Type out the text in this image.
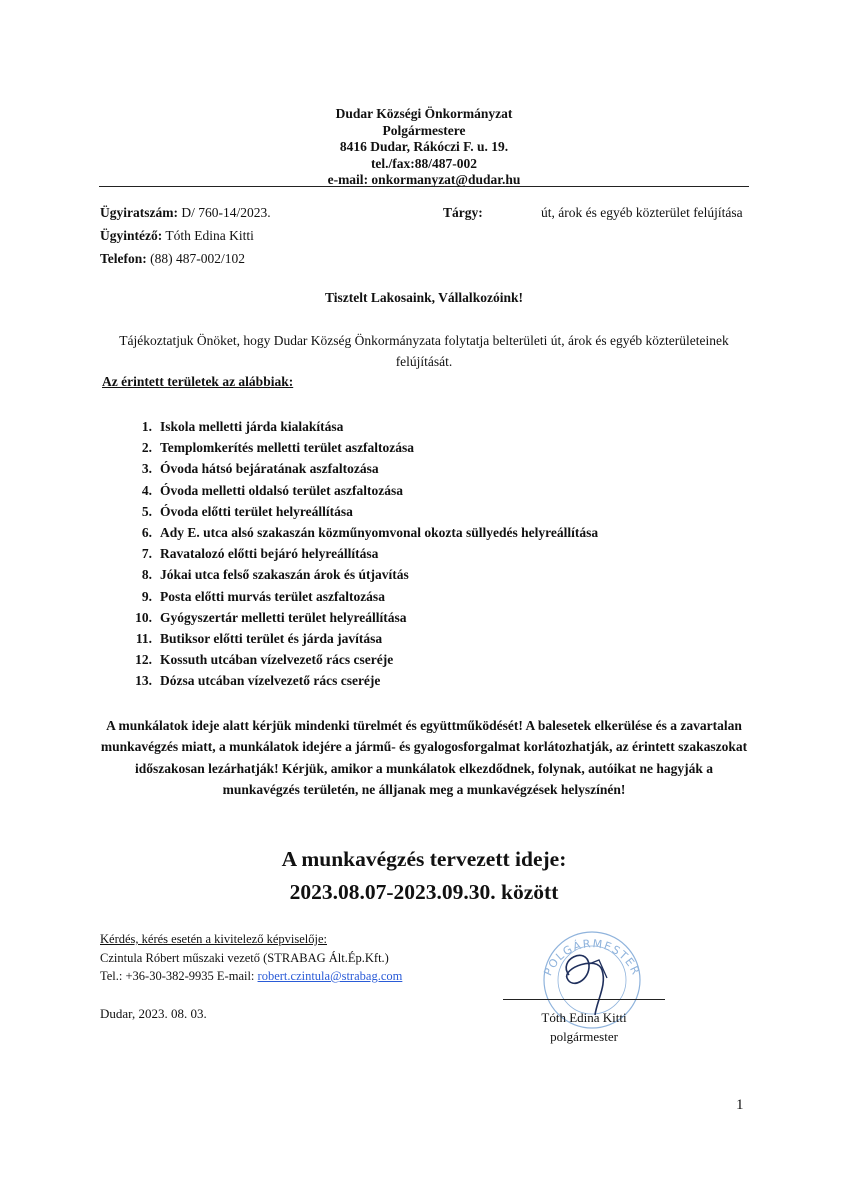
Dudar Községi Önkormányzat
Polgármestere
8416 Dudar, Rákóczi F. u. 19.
tel./fax:88/487-002
e-mail: onkormanyzat@dudar.hu
Ügyiratszám: D/ 760-14/2023.
Ügyintéző: Tóth Edina Kitti
Telefon: (88) 487-002/102
Tárgy:	út, árok és egyéb közterület felújítása
Tisztelt Lakosaink, Vállalkozóink!
Tájékoztatjuk Önöket, hogy Dudar Község Önkormányzata folytatja belterületi út, árok és egyéb közterületeinek felújítását.
Az érintett területek az alábbiak:
1. Iskola melletti járda kialakítása
2. Templomkerítés melletti terület aszfaltozása
3. Óvoda hátsó bejáratának aszfaltozása
4. Óvoda melletti oldalsó terület aszfaltozása
5. Óvoda előtti terület helyreállítása
6. Ady E. utca alsó szakaszán közműnyomvonal okozta süllyedés helyreállítása
7. Ravatalozó előtti bejáró helyreállítása
8. Jókai utca felső szakaszán árok és útjavítás
9. Posta előtti murvás terület aszfaltozása
10. Gyógyszertár melletti terület helyreállítása
11. Butiksor előtti terület és járda javítása
12. Kossuth utcában vízelvezető rács cseréje
13. Dózsa utcában vízelvezető rács cseréje
A munkálatok ideje alatt kérjük mindenki türelmét és együttműködését! A balesetek elkerülése és a zavartalan munkavégzés miatt, a munkálatok idejére a jármű- és gyalogosforgalmat korlátozhatják, az érintett szakaszokat időszakosan lezárhatják! Kérjük, amikor a munkálatok elkezdődnek, folynak, autóikat ne hagyják a munkavégzés területén, ne álljanak meg a munkavégzések helyszínén!
A munkavégzés tervezett ideje:
2023.08.07-2023.09.30. között
Kérdés, kérés esetén a kivitelező képviselője:
Czintula Róbert műszaki vezető (STRABAG Ált.Ép.Kft.)
Tel.: +36-30-382-9935 E-mail: robert.czintula@strabag.com
Dudar, 2023. 08. 03.
POLGÁRMESTER
Tóth Edina Kitti
polgármester
1
